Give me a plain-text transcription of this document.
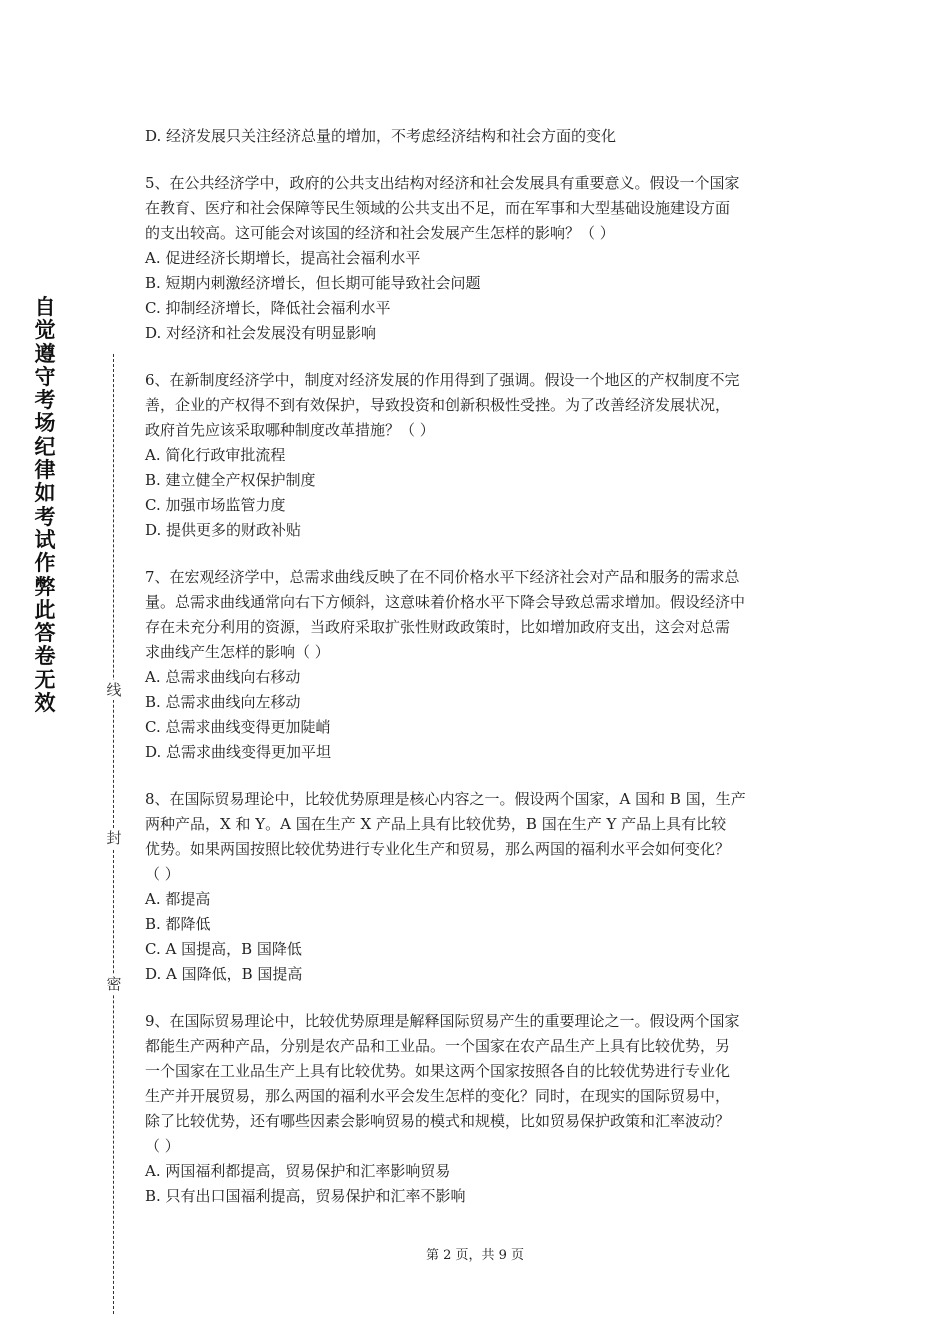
自觉遵守考场纪律如考试作弊此答卷无效
线
封
密
D. 经济发展只关注经济总量的增加，不考虑经济结构和社会方面的变化
5、在公共经济学中，政府的公共支出结构对经济和社会发展具有重要意义。假设一个国家
在教育、医疗和社会保障等民生领域的公共支出不足，而在军事和大型基础设施建设方面
的支出较高。这可能会对该国的经济和社会发展产生怎样的影响？（ ）
A. 促进经济长期增长，提高社会福利水平
B. 短期内刺激经济增长，但长期可能导致社会问题
C. 抑制经济增长，降低社会福利水平
D. 对经济和社会发展没有明显影响
6、在新制度经济学中，制度对经济发展的作用得到了强调。假设一个地区的产权制度不完
善，企业的产权得不到有效保护，导致投资和创新积极性受挫。为了改善经济发展状况，
政府首先应该采取哪种制度改革措施？（ ）
A. 简化行政审批流程
B. 建立健全产权保护制度
C. 加强市场监管力度
D. 提供更多的财政补贴
7、在宏观经济学中，总需求曲线反映了在不同价格水平下经济社会对产品和服务的需求总
量。总需求曲线通常向右下方倾斜，这意味着价格水平下降会导致总需求增加。假设经济中
存在未充分利用的资源，当政府采取扩张性财政政策时，比如增加政府支出，这会对总需
求曲线产生怎样的影响（ ）
A. 总需求曲线向右移动
B. 总需求曲线向左移动
C. 总需求曲线变得更加陡峭
D. 总需求曲线变得更加平坦
8、在国际贸易理论中，比较优势原理是核心内容之一。假设两个国家，A 国和 B 国，生产
两种产品，X 和 Y。A 国在生产 X 产品上具有比较优势，B 国在生产 Y 产品上具有比较
优势。如果两国按照比较优势进行专业化生产和贸易，那么两国的福利水平会如何变化？
（ ）
A. 都提高
B. 都降低
C. A 国提高，B 国降低
D. A 国降低，B 国提高
9、在国际贸易理论中，比较优势原理是解释国际贸易产生的重要理论之一。假设两个国家
都能生产两种产品，分别是农产品和工业品。一个国家在农产品生产上具有比较优势，另
一个国家在工业品生产上具有比较优势。如果这两个国家按照各自的比较优势进行专业化
生产并开展贸易，那么两国的福利水平会发生怎样的变化？同时，在现实的国际贸易中，
除了比较优势，还有哪些因素会影响贸易的模式和规模，比如贸易保护政策和汇率波动？
（ ）
A. 两国福利都提高，贸易保护和汇率影响贸易
B. 只有出口国福利提高，贸易保护和汇率不影响
第 2 页，共 9 页
